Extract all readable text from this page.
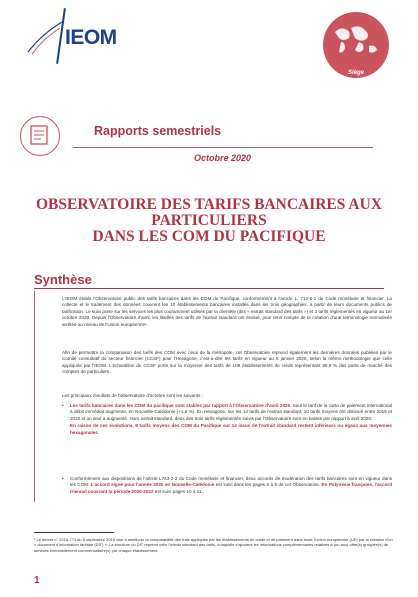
IEOM
Siège
Rapports semestriels
Octobre 2020
OBSERVATOIRE DES TARIFS BANCAIRES AUX
PARTICULIERS
DANS LES COM DU PACIFIQUE
Synthèse
L'IEOM établit l'Observatoire public des tarifs bancaires dans les COM du Pacifique, conformément à l'article L. 712-5-1 du Code monétaire et financier. La collecte et le traitement des données couvrent les 10 établissements bancaires installés dans les trois géographies, à partir de leurs documents publics de tarification. Le suivi porte sur les services les plus couramment utilisés par la clientèle (dits « extrait standard des tarifs ») et 3 tarifs réglementés en vigueur au 1er octobre 2020. Depuis l'Observatoire d'avril, les libellés des tarifs de l'extrait standard ont évolué, pour tenir compte de la création d'une terminologie normalisée arrêtée au niveau de l'Union européenne¹.
Afin de permettre la comparaison des tarifs des COM avec ceux de la métropole, cet Observatoire reprend également les dernières données publiées par le Comité consultatif du secteur financier (CCSF) pour l'Hexagone, c'est-à-dire les tarifs en vigueur au 5 janvier 2020, selon la même méthodologie que celle appliquée par l'IEOM. L'échantillon du CCSF porte sur la moyenne des tarifs de 109 établissements de crédit représentant 98,8 % des parts de marché des comptes de particuliers.
Les principaux résultats de l'observatoire d'octobre sont les suivants :
• Les tarifs bancaires dans les COM du pacifique sont stables par rapport à l'Observatoire d'avril 2020. Seul le tarif de la carte de paiement international à débit immédiat augmente, en Nouvelle-Calédonie (+1,6 %). En Hexagone, sur les 14 tarifs de l'extrait standard, 10 tarifs moyens ont diminué entre 2019 et 2020 et un seul a augmenté. Hors extrait standard, deux des trois tarifs réglementés suivis par l'Observatoire sont en baisse par rapport à avril 2020.
En raison de ces évolutions, 8 tarifs moyens des COM du Pacifique sur 14 issus de l'extrait standard restent inférieurs ou égaux aux moyennes hexagonales.
• Conformément aux dispositions de l'article L743-2-2 du Code monétaire et financier, deux accords de modération des tarifs bancaires sont en vigueur dans les COM. L'accord signé pour l'année 2020 en Nouvelle-Calédonie est suivi dans les pages 6 à 9 de cet Observatoire. En Polynésie française, l'accord triennal couvrant la période 2020-2022 est suivi pages 10 à 11.
¹ Le décret n° 2018-774 du 5 septembre 2018 vise à améliorer la comparabilité des frais appliqués par les établissements de crédit et de paiement dans toute l'Union européenne (UE) par la création d'un « document d'information tarifaire (DIT) ». La structure du DIT reprend celle l'extrait standard des tarifs, à laquelle s'ajoutent les informations complémentaires relatives à (ou aux) offre(s) groupée(s) de services éventuellement commercialisée(s) par chaque établissement.
1
